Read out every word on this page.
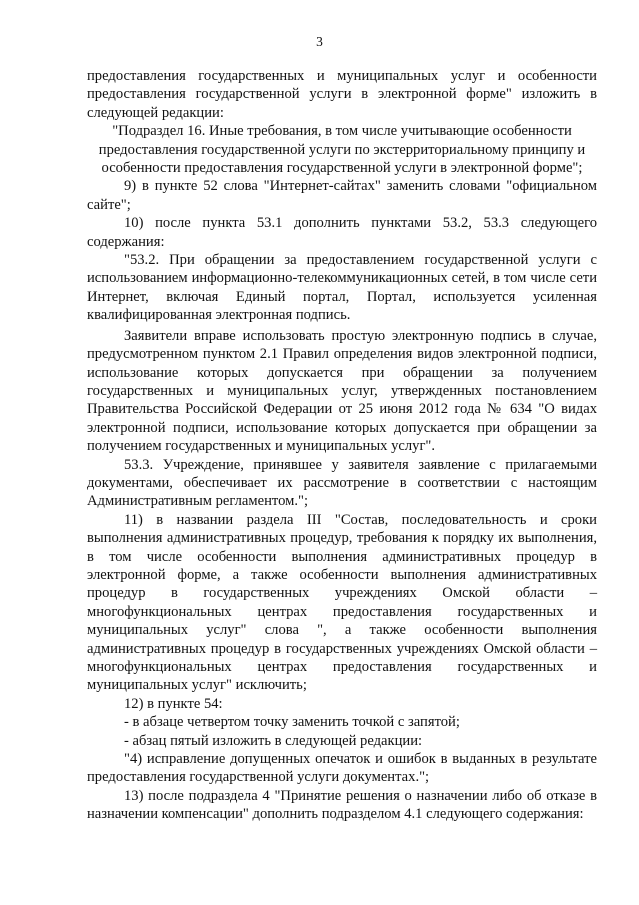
3

предоставления государственных и муниципальных услуг и особенности предоставления государственной услуги в электронной форме" изложить в следующей редакции:

"Подраздел 16. Иные требования, в том числе учитывающие особенности предоставления государственной услуги по экстерриториальному принципу и особенности предоставления государственной услуги в электронной форме";

9) в пункте 52 слова "Интернет-сайтах" заменить словами "официальном сайте";

10) после пункта 53.1 дополнить пунктами 53.2, 53.3 следующего содержания:

"53.2. При обращении за предоставлением государственной услуги с использованием информационно-телекоммуникационных сетей, в том числе сети Интернет, включая Единый портал, Портал, используется усиленная квалифицированная электронная подпись.

Заявители вправе использовать простую электронную подпись в случае, предусмотренном пунктом 2.1 Правил определения видов электронной подписи, использование которых допускается при обращении за получением государственных и муниципальных услуг, утвержденных постановлением Правительства Российской Федерации от 25 июня 2012 года № 634 "О видах электронной подписи, использование которых допускается при обращении за получением государственных и муниципальных услуг".

53.3. Учреждение, принявшее у заявителя заявление с прилагаемыми документами, обеспечивает их рассмотрение в соответствии с настоящим Административным регламентом.";

11) в названии раздела III "Состав, последовательность и сроки выполнения административных процедур, требования к порядку их выполнения, в том числе особенности выполнения административных процедур в электронной форме, а также особенности выполнения административных процедур в государственных учреждениях Омской области – многофункциональных центрах предоставления государственных и муниципальных услуг" слова ", а также особенности выполнения административных процедур в государственных учреждениях Омской области – многофункциональных центрах предоставления государственных и муниципальных услуг" исключить;

12) в пункте 54:

- в абзаце четвертом точку заменить точкой с запятой;

- абзац пятый изложить в следующей редакции:

"4) исправление допущенных опечаток и ошибок в выданных в результате предоставления государственной услуги документах.";

13) после подраздела 4 "Принятие решения о назначении либо об отказе в назначении компенсации" дополнить подразделом 4.1 следующего содержания:
